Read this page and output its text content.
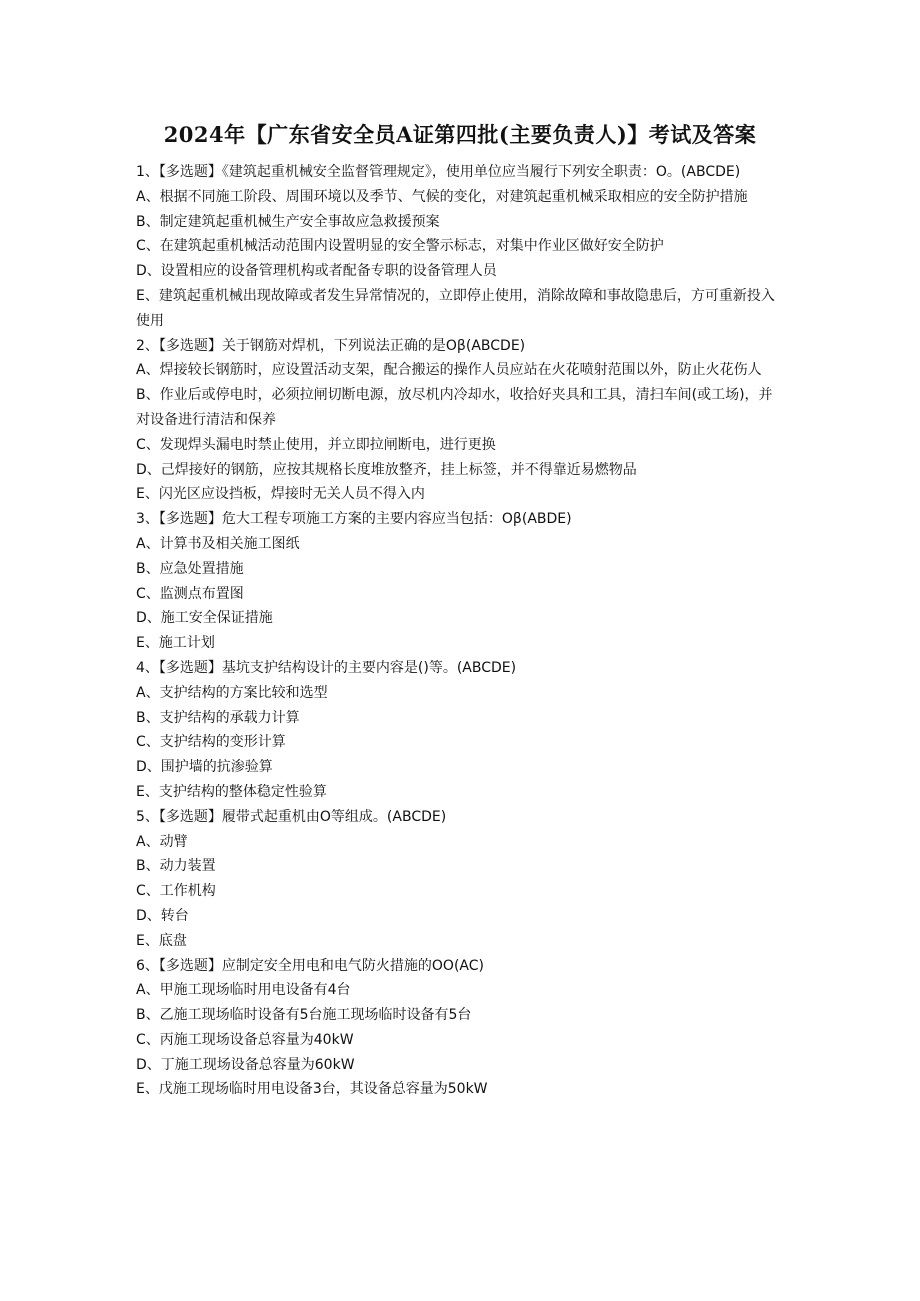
2024年【广东省安全员A证第四批(主要负责人)】考试及答案
1、【多选题】《建筑起重机械安全监督管理规定》，使用单位应当履行下列安全职责：O。(ABCDE)
A、根据不同施工阶段、周围环境以及季节、气候的变化，对建筑起重机械采取相应的安全防护措施
B、制定建筑起重机械生产安全事故应急救援预案
C、在建筑起重机械活动范围内设置明显的安全警示标志，对集中作业区做好安全防护
D、设置相应的设备管理机构或者配备专职的设备管理人员
E、建筑起重机械出现故障或者发生异常情况的，立即停止使用，消除故障和事故隐患后，方可重新投入使用
2、【多选题】关于钢筋对焊机，下列说法正确的是Oβ(ABCDE)
A、焊接较长钢筋时，应设置活动支架，配合搬运的操作人员应站在火花喷射范围以外，防止火花伤人
B、作业后或停电时，必须拉闸切断电源，放尽机内冷却水，收拾好夹具和工具，清扫车间(或工场)，并对设备进行清洁和保养
C、发现焊头漏电时禁止使用，并立即拉闸断电，进行更换
D、己焊接好的钢筋，应按其规格长度堆放整齐，挂上标签，并不得靠近易燃物品
E、闪光区应设挡板，焊接时无关人员不得入内
3、【多选题】危大工程专项施工方案的主要内容应当包括：Oβ(ABDE)
A、计算书及相关施工图纸
B、应急处置措施
C、监测点布置图
D、施工安全保证措施
E、施工计划
4、【多选题】基坑支护结构设计的主要内容是()等。(ABCDE)
A、支护结构的方案比较和选型
B、支护结构的承载力计算
C、支护结构的变形计算
D、围护墙的抗渗验算
E、支护结构的整体稳定性验算
5、【多选题】履带式起重机由O等组成。(ABCDE)
A、动臂
B、动力装置
C、工作机构
D、转台
E、底盘
6、【多选题】应制定安全用电和电气防火措施的OO(AC)
A、甲施工现场临时用电设备有4台
B、乙施工现场临时设备有5台施工现场临时设备有5台
C、丙施工现场设备总容量为40kW
D、丁施工现场设备总容量为60kW
E、戊施工现场临时用电设备3台，其设备总容量为50kW
